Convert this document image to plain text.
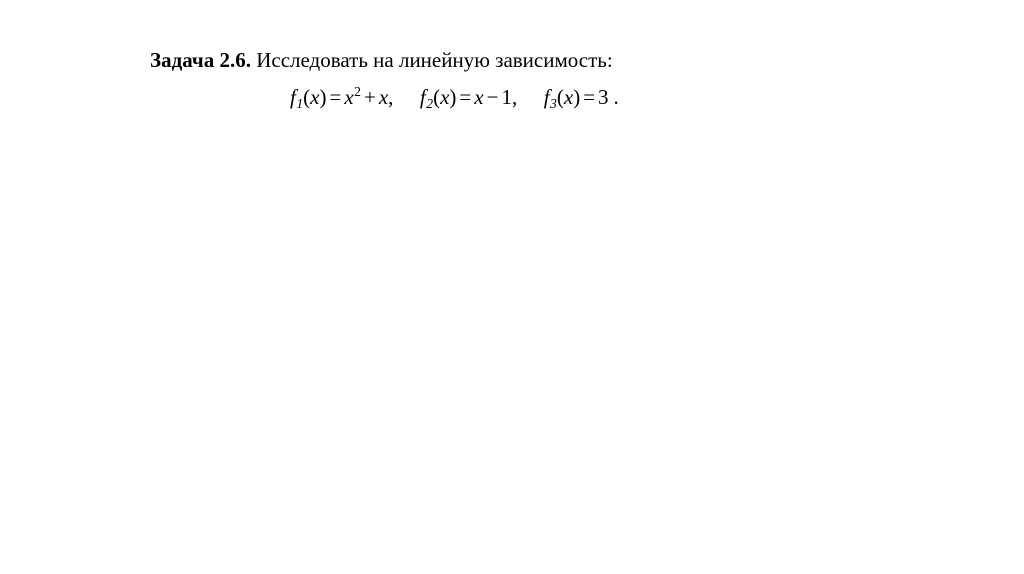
Задача 2.6. Исследовать на линейную зависимость:
$f_1(x) = x^2 + x$, $f_2(x) = x - 1$, $f_3(x) = 3$ .
